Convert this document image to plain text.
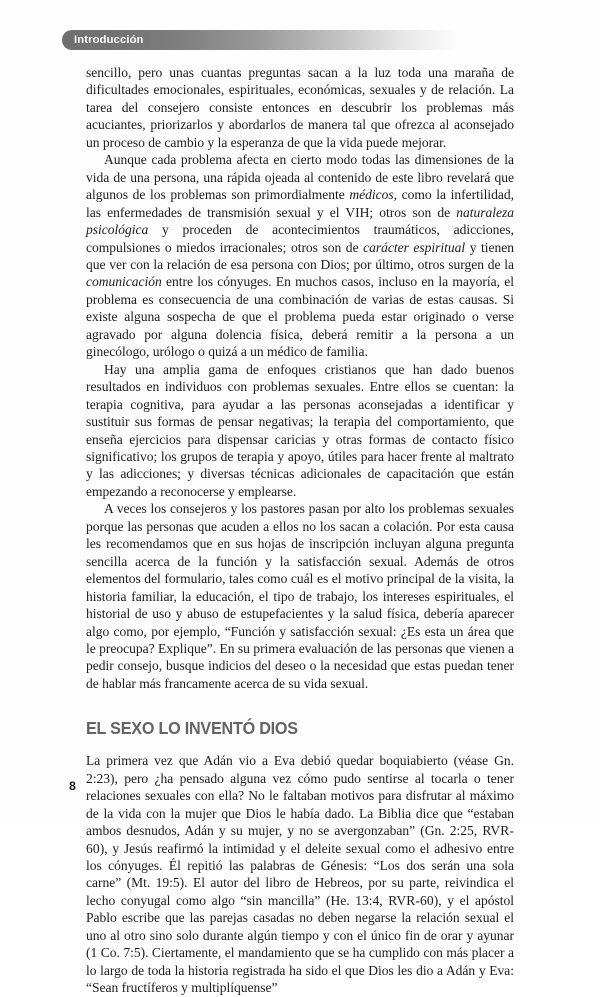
Introducción

sencillo, pero unas cuantas preguntas sacan a la luz toda una maraña de dificultades emocionales, espirituales, económicas, sexuales y de relación. La tarea del consejero consiste entonces en descubrir los problemas más acuciantes, priorizarlos y abordarlos de manera tal que ofrezca al aconsejado un proceso de cambio y la esperanza de que la vida puede mejorar.

Aunque cada problema afecta en cierto modo todas las dimensiones de la vida de una persona, una rápida ojeada al contenido de este libro revelará que algunos de los problemas son primordialmente médicos, como la infertilidad, las enfermedades de transmisión sexual y el VIH; otros son de naturaleza psicológica y proceden de acontecimientos traumáticos, adicciones, compulsiones o miedos irracionales; otros son de carácter espiritual y tienen que ver con la relación de esa persona con Dios; por último, otros surgen de la comunicación entre los cónyuges. En muchos casos, incluso en la mayoría, el problema es consecuencia de una combinación de varias de estas causas. Si existe alguna sospecha de que el problema pueda estar originado o verse agravado por alguna dolencia física, deberá remitir a la persona a un ginecólogo, urólogo o quizá a un médico de familia.

Hay una amplia gama de enfoques cristianos que han dado buenos resultados en individuos con problemas sexuales. Entre ellos se cuentan: la terapia cognitiva, para ayudar a las personas aconsejadas a identificar y sustituir sus formas de pensar negativas; la terapia del comportamiento, que enseña ejercicios para dispensar caricias y otras formas de contacto físico significativo; los grupos de terapia y apoyo, útiles para hacer frente al maltrato y las adicciones; y diversas técnicas adicionales de capacitación que están empezando a reconocerse y emplearse.

A veces los consejeros y los pastores pasan por alto los problemas sexuales porque las personas que acuden a ellos no los sacan a colación. Por esta causa les recomendamos que en sus hojas de inscripción incluyan alguna pregunta sencilla acerca de la función y la satisfacción sexual. Además de otros elementos del formulario, tales como cuál es el motivo principal de la visita, la historia familiar, la educación, el tipo de trabajo, los intereses espirituales, el historial de uso y abuso de estupefacientes y la salud física, debería aparecer algo como, por ejemplo, “Función y satisfacción sexual: ¿Es esta un área que le preocupa? Explique”. En su primera evaluación de las personas que vienen a pedir consejo, busque indicios del deseo o la necesidad que estas puedan tener de hablar más francamente acerca de su vida sexual.

EL SEXO LO INVENTÓ DIOS

La primera vez que Adán vio a Eva debió quedar boquiabierto (véase Gn. 2:23), pero ¿ha pensado alguna vez cómo pudo sentirse al tocarla o tener relaciones sexuales con ella? No le faltaban motivos para disfrutar al máximo de la vida con la mujer que Dios le había dado. La Biblia dice que “estaban ambos desnudos, Adán y su mujer, y no se avergonzaban” (Gn. 2:25, RVR-60), y Jesús reafirmó la intimidad y el deleite sexual como el adhesivo entre los cónyuges. Él repitió las palabras de Génesis: “Los dos serán una sola carne” (Mt. 19:5). El autor del libro de Hebreos, por su parte, reivindica el lecho conyugal como algo “sin mancilla” (He. 13:4, RVR-60), y el apóstol Pablo escribe que las parejas casadas no deben negarse la relación sexual el uno al otro sino solo durante algún tiempo y con el único fin de orar y ayunar (1 Co. 7:5). Ciertamente, el mandamiento que se ha cumplido con más placer a lo largo de toda la historia registrada ha sido el que Dios les dio a Adán y Eva: “Sean fructíferos y multiplíquense”

8
